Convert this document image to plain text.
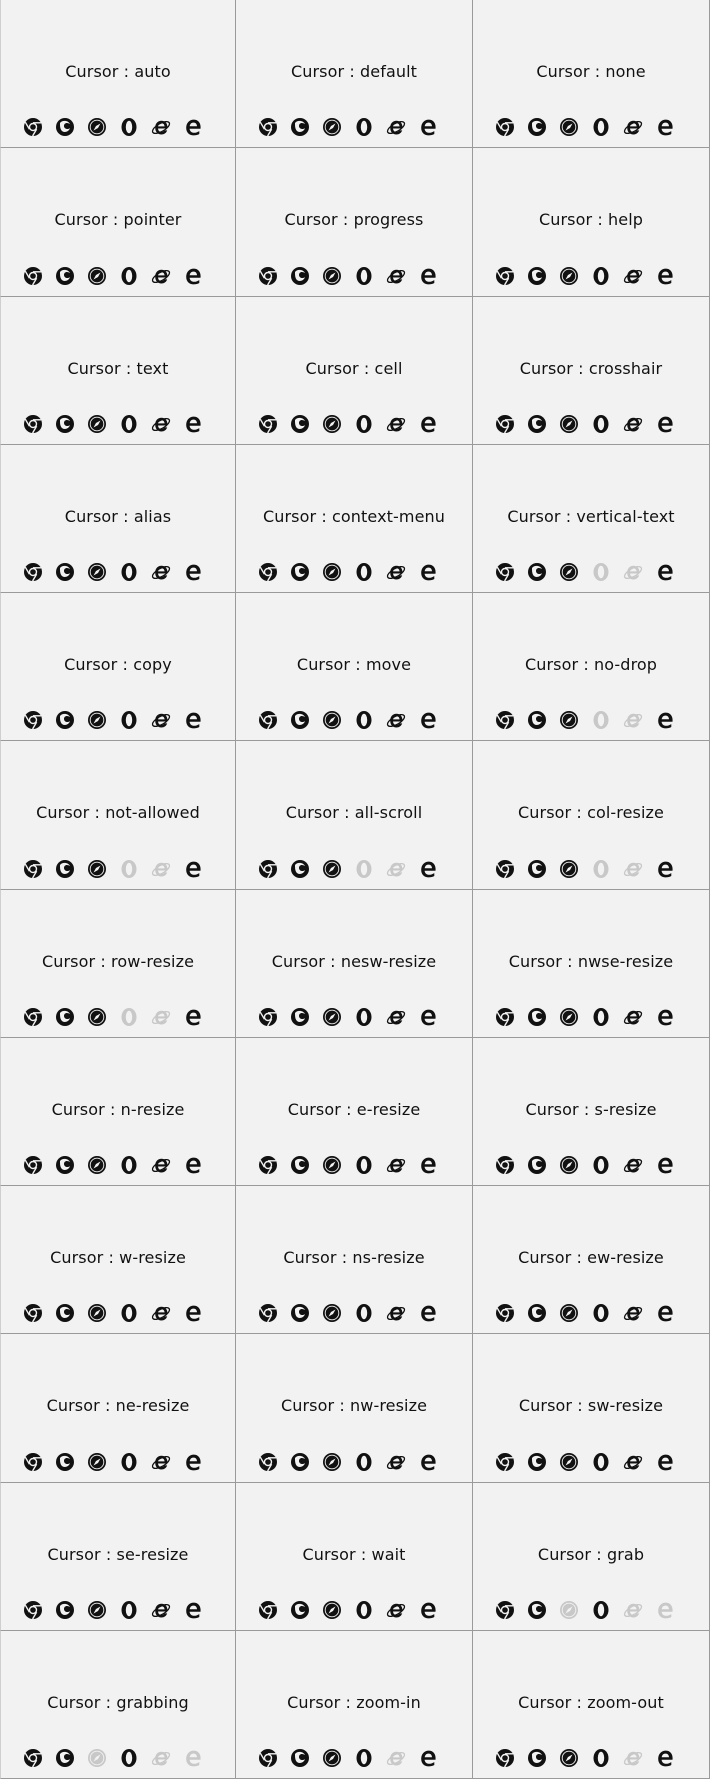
Cursor : auto	Cursor : default	Cursor : none
Cursor : pointer	Cursor : progress	Cursor : help
Cursor : text	Cursor : cell	Cursor : crosshair
Cursor : alias	Cursor : context-menu	Cursor : vertical-text
Cursor : copy	Cursor : move	Cursor : no-drop
Cursor : not-allowed	Cursor : all-scroll	Cursor : col-resize
Cursor : row-resize	Cursor : nesw-resize	Cursor : nwse-resize
Cursor : n-resize	Cursor : e-resize	Cursor : s-resize
Cursor : w-resize	Cursor : ns-resize	Cursor : ew-resize
Cursor : ne-resize	Cursor : nw-resize	Cursor : sw-resize
Cursor : se-resize	Cursor : wait	Cursor : grab
Cursor : grabbing	Cursor : zoom-in	Cursor : zoom-out
